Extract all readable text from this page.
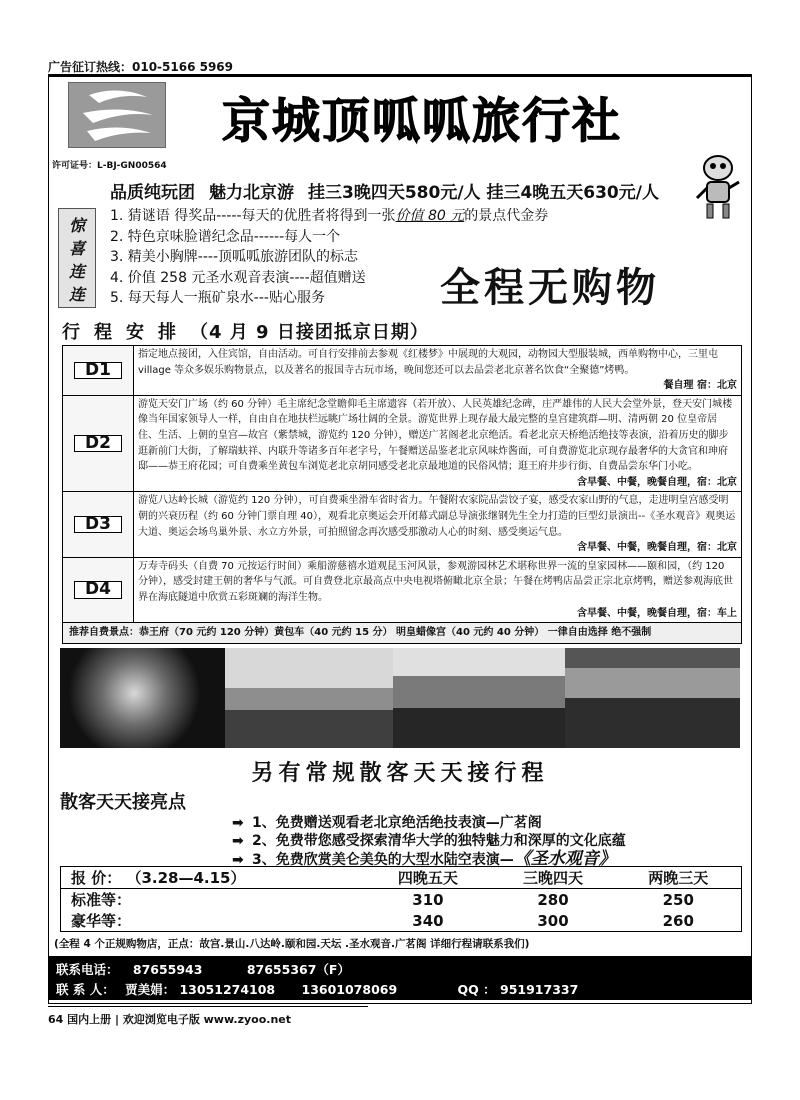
广告征订热线：010-5166 5969
京城顶呱呱旅行社
许可证号：L-BJ-GN00564
品质纯玩团 魅力北京游 挂三3晚四天580元/人 挂三4晚五天630元/人
惊
喜
连
连
1. 猜谜语 得奖品-----每天的优胜者将得到一张价值 80 元的景点代金券
2. 特色京味脸谱纪念品------每人一个
3. 精美小胸牌----顶呱呱旅游团队的标志
4. 价值 258 元圣水观音表演----超值赠送
5. 每天每人一瓶矿泉水---贴心服务	全程无购物
行程安排（4 月 9 日接团抵京日期）
D1	指定地点接团，入住宾馆，自由活动。可自行安排前去参观《红楼梦》中展现的大观园，动物园大型服装城，西单购物中心，三里屯 village 等众多娱乐购物景点，以及著名的报国寺古玩市场，晚间您还可以去品尝老北京著名饮食“全聚德”烤鸭。
餐自理 宿：北京

D2	游览天安门广场（约 60 分钟）毛主席纪念堂瞻仰毛主席遗容（若开放）、人民英雄纪念碑，庄严雄伟的人民大会堂外景，登天安门城楼像当年国家领导人一样，自由自在地扶栏远眺广场壮阔的全景。游览世界上现存最大最完整的皇宫建筑群—明、清两朝 20 位皇帝居住、生活、上朝的皇宫—故宫（紫禁城，游览约 120 分钟），赠送广茗阁老北京绝活。看老北京天桥绝活绝技等表演，沿着历史的脚步逛新前门大街，了解瑞蚨祥、内联升等诸多百年老字号，午餐赠送品鉴老北京风味炸酱面，可自费游览北京现存最奢华的大贪官和珅府邸——恭王府花园；可自费乘坐黄包车浏览老北京胡同感受老北京最地道的民俗风情；逛王府井步行街、自费品尝东华门小吃。
含早餐、中餐，晚餐自理，宿：北京

D3	游览八达岭长城（游览约 120 分钟），可自费乘坐滑车省时省力。午餐附农家院品尝饺子宴，感受农家山野的气息，走进明皇宫感受明朝的兴衰历程（约 60 分钟门票自理 40），观看北京奥运会开闭幕式副总导演张继钢先生全力打造的巨型幻景演出--《圣水观音》观奥运大道、奥运会场鸟巢外景、水立方外景，可拍照留念再次感受那激动人心的时刻、感受奥运气息。
含早餐、中餐，晚餐自理，宿：北京

D4	万寿寺码头（自费 70 元按运行时间）乘船游慈禧水道观昆玉河风景，参观游园林艺术堪称世界一流的皇家园林——颐和园，（约 120 分钟），感受封建王朝的奢华与气派。可自费登北京最高点中央电视塔俯瞰北京全景；午餐在烤鸭店品尝正宗北京烤鸭，赠送参观海底世界在海底隧道中欣赏五彩斑斓的海洋生物。
含早餐、中餐，晚餐自理，宿：车上

推荐自费景点：恭王府（70 元约 120 分钟）黄包车（40 元约 15 分） 明皇蜡像宫（40 元约 40 分钟） 一律自由选择 绝不强制	
另有常规散客天天接行程
散客天天接亮点
➡ 1、免费赠送观看老北京绝活绝技表演—广茗阁
➡ 2、免费带您感受探索清华大学的独特魅力和深厚的文化底蕴
➡ 3、免费欣赏美仑美奂的大型水陆空表演—《圣水观音》
报 价： （3.28—4.15）	四晚五天	三晚四天	两晚三天
标准等：	310	280	250
豪华等：	340	300	260
(全程 4 个正规购物店，正点：故宫.景山.八达岭.颐和园.天坛 .圣水观音.广茗阁 详细行程请联系我们)
联系电话： 87655943	87655367（F）
联 系 人： 贾美娟： 13051274108 13601078069	QQ ： 951917337
64 国内上册 | 欢迎浏览电子版 www.zyoo.net
